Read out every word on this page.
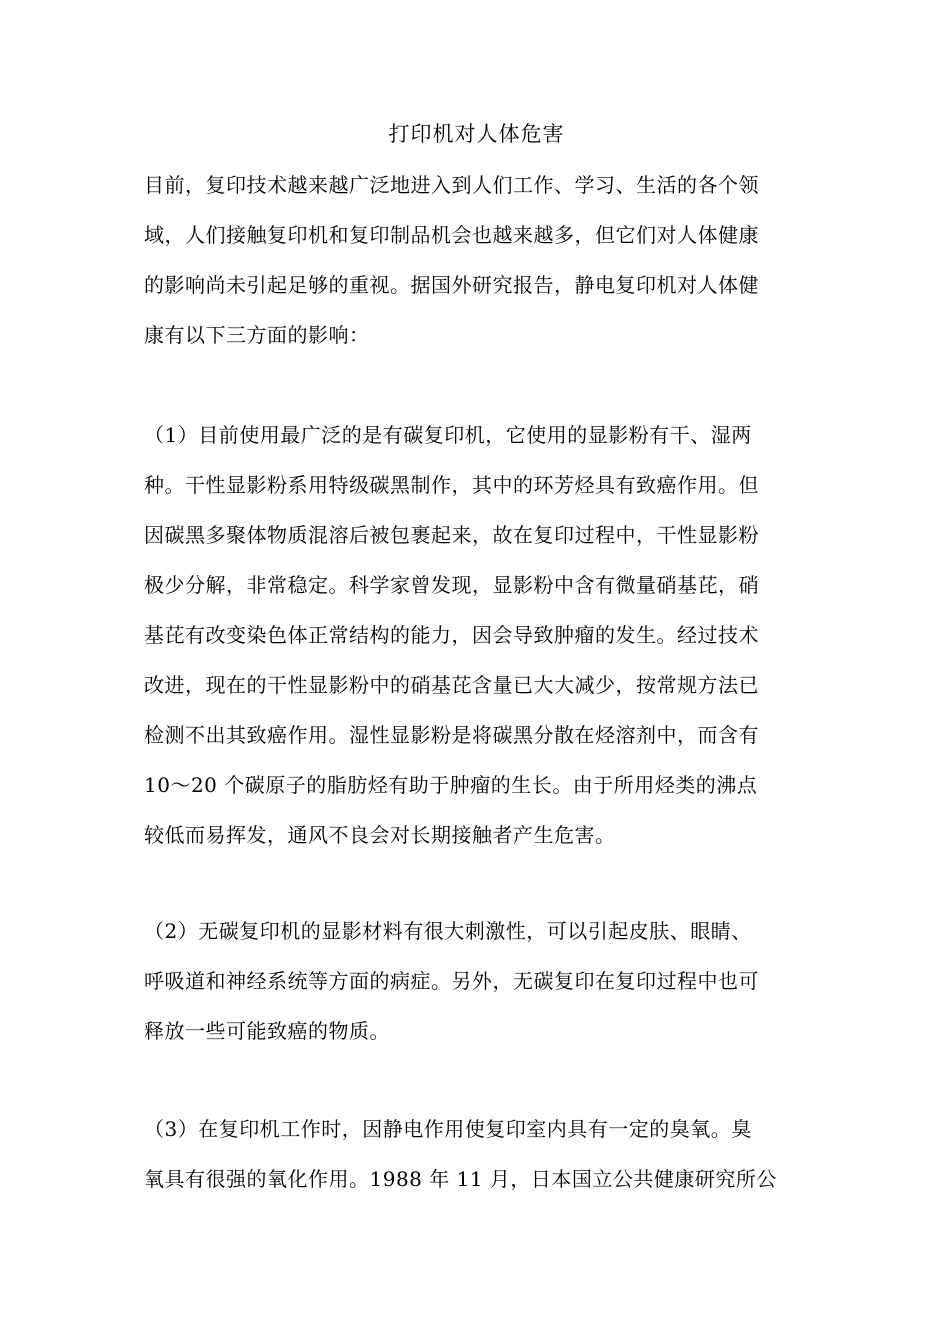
打印机对人体危害
目前，复印技术越来越广泛地进入到人们工作、学习、生活的各个领
域，人们接触复印机和复印制品机会也越来越多，但它们对人体健康
的影响尚未引起足够的重视。据国外研究报告，静电复印机对人体健
康有以下三方面的影响：
（1）目前使用最广泛的是有碳复印机，它使用的显影粉有干、湿两
种。干性显影粉系用特级碳黑制作，其中的环芳烃具有致癌作用。但
因碳黑多聚体物质混溶后被包裹起来，故在复印过程中，干性显影粉
极少分解，非常稳定。科学家曾发现，显影粉中含有微量硝基芘，硝
基芘有改变染色体正常结构的能力，因会导致肿瘤的发生。经过技术
改进，现在的干性显影粉中的硝基芘含量已大大减少，按常规方法已
检测不出其致癌作用。湿性显影粉是将碳黑分散在烃溶剂中，而含有
10～20 个碳原子的脂肪烃有助于肿瘤的生长。由于所用烃类的沸点
较低而易挥发，通风不良会对长期接触者产生危害。
（2）无碳复印机的显影材料有很大刺激性，可以引起皮肤、眼睛、
呼吸道和神经系统等方面的病症。另外，无碳复印在复印过程中也可
释放一些可能致癌的物质。
（3）在复印机工作时，因静电作用使复印室内具有一定的臭氧。臭
氧具有很强的氧化作用。1988 年 11 月，日本国立公共健康研究所公
